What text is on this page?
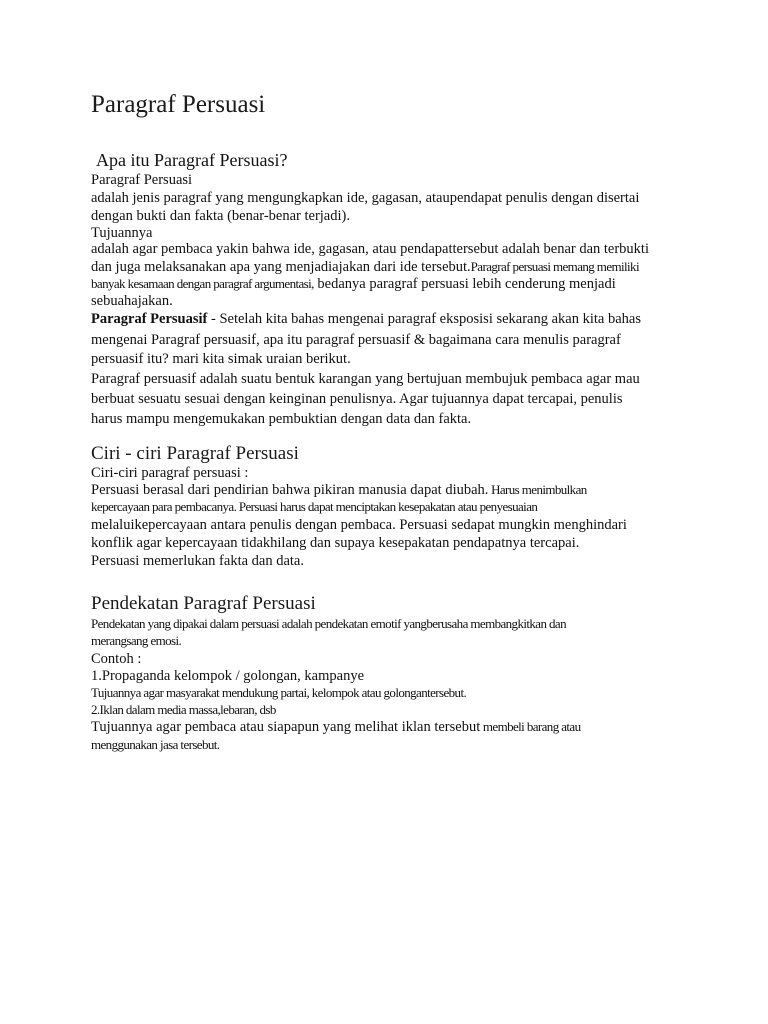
Paragraf Persuasi
Apa itu Paragraf Persuasi?
Paragraf Persuasi
adalah jenis paragraf yang mengungkapkan ide, gagasan, ataupendapat penulis dengan disertai
dengan bukti dan fakta (benar-benar terjadi).
Tujuannya
adalah agar pembaca yakin bahwa ide, gagasan, atau pendapattersebut adalah benar dan terbukti
dan juga melaksanakan apa yang menjadiajakan dari ide tersebut.Paragraf persuasi memang memiliki
banyak kesamaan dengan paragraf argumentasi, bedanya paragraf persuasi lebih cenderung menjadi
sebuahajakan.
Paragraf Persuasif - Setelah kita bahas mengenai paragraf eksposisi sekarang akan kita bahas
mengenai Paragraf persuasif, apa itu paragraf persuasif & bagaimana cara menulis paragraf
persuasif itu? mari kita simak uraian berikut.
Paragraf persuasif adalah suatu bentuk karangan yang bertujuan membujuk pembaca agar mau
berbuat sesuatu sesuai dengan keinginan penulisnya. Agar tujuannya dapat tercapai, penulis
harus mampu mengemukakan pembuktian dengan data dan fakta.
Ciri - ciri Paragraf Persuasi
Ciri-ciri paragraf persuasi :
Persuasi berasal dari pendirian bahwa pikiran manusia dapat diubah. Harus menimbulkan
kepercayaan para pembacanya. Persuasi harus dapat menciptakan kesepakatan atau penyesuaian
melaluikepercayaan antara penulis dengan pembaca. Persuasi sedapat mungkin menghindari
konflik agar kepercayaan tidakhilang dan supaya kesepakatan pendapatnya tercapai.
Persuasi memerlukan fakta dan data.
Pendekatan Paragraf Persuasi
Pendekatan yang dipakai dalam persuasi adalah pendekatan emotif yangberusaha membangkitkan dan
merangsang emosi.
Contoh :
1.Propaganda kelompok / golongan, kampanye
Tujuannya agar masyarakat mendukung partai, kelompok atau golongantersebut.
2.Iklan dalam media massa,lebaran, dsb
Tujuannya agar pembaca atau siapapun yang melihat iklan tersebut membeli barang atau
menggunakan jasa tersebut.
